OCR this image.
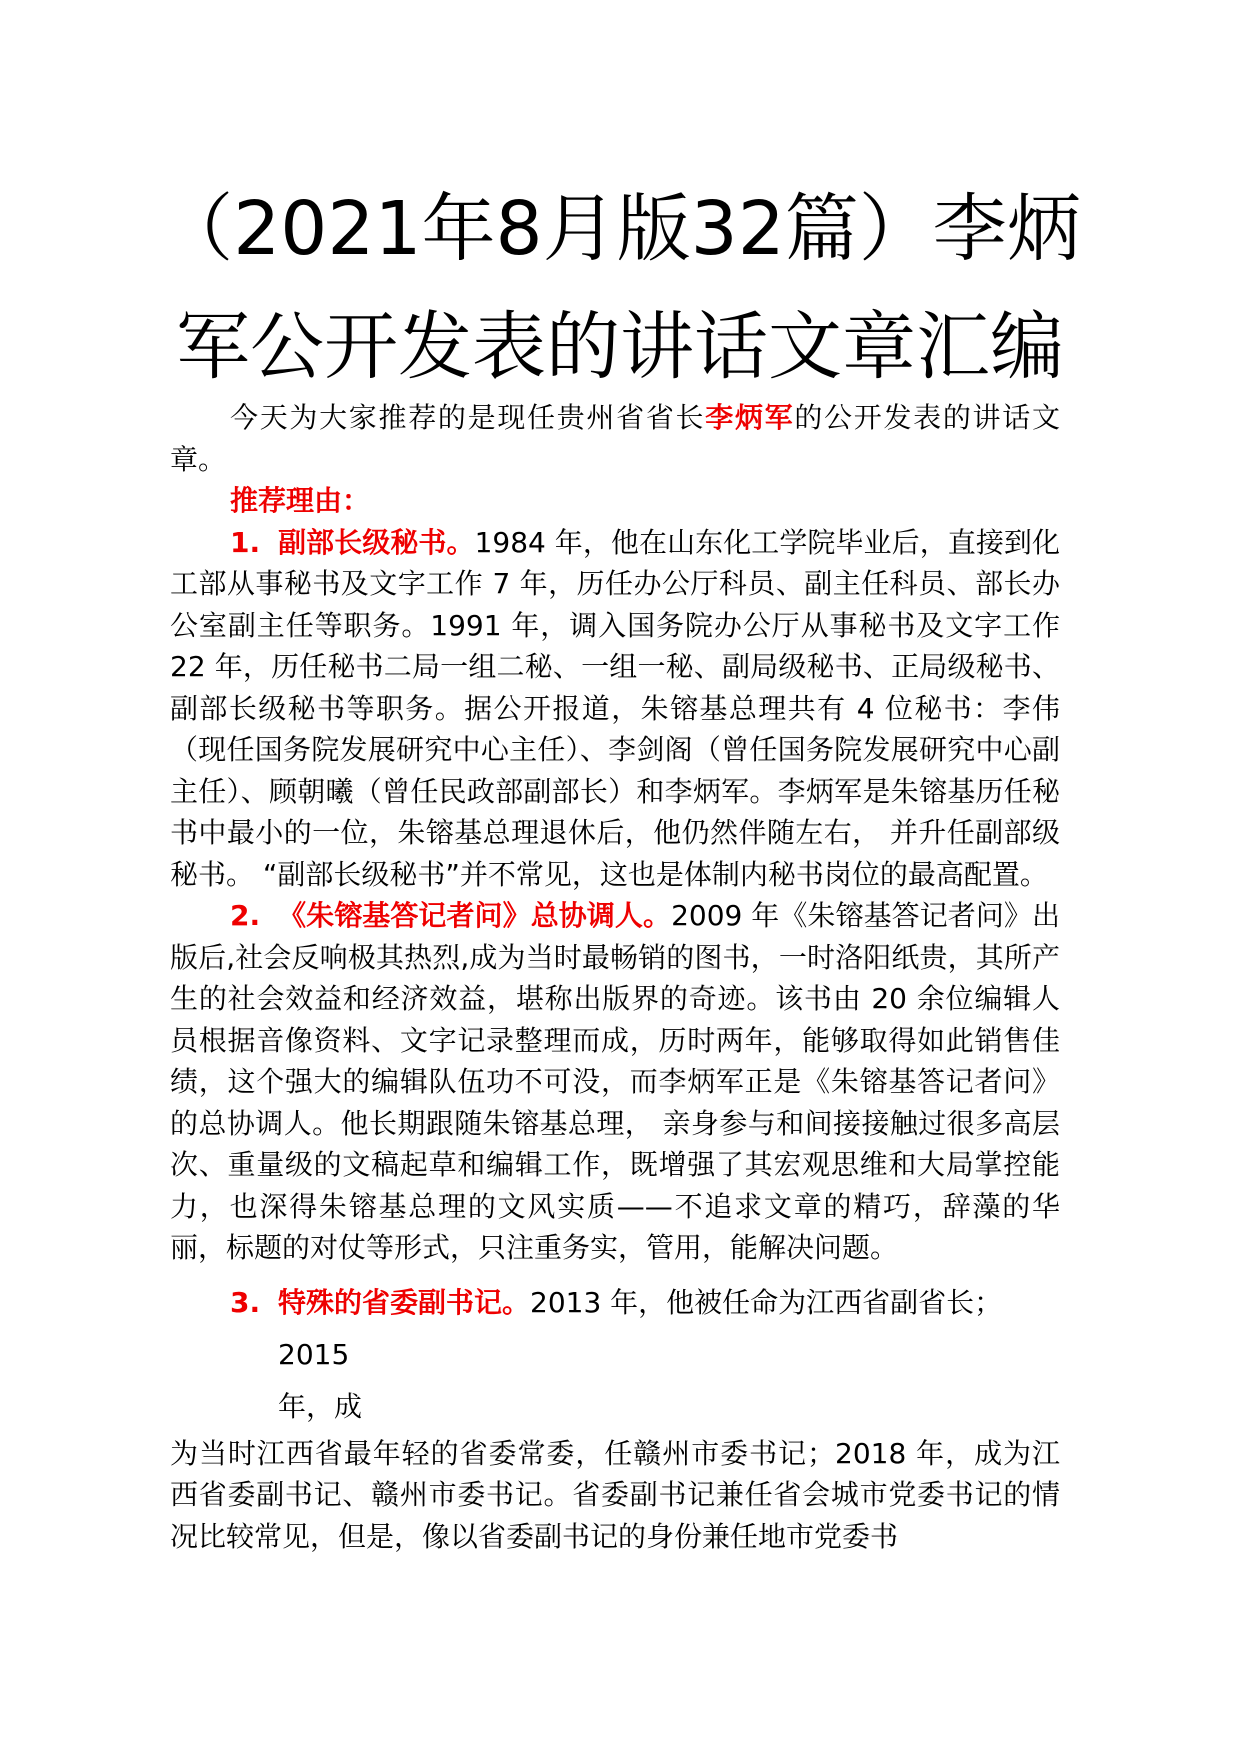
（2021年8月版32篇）李炳军公开发表的讲话文章汇编

今天为大家推荐的是现任贵州省省长李炳军的公开发表的讲话文章。

推荐理由：

1. 副部长级秘书。1984 年，他在山东化工学院毕业后，直接到化工部从事秘书及文字工作 7 年，历任办公厅科员、副主任科员、部长办公室副主任等职务。1991 年，调入国务院办公厅从事秘书及文字工作 22 年，历任秘书二局一组二秘、一组一秘、副局级秘书、正局级秘书、副部长级秘书等职务。据公开报道，朱镕基总理共有 4 位秘书：李伟（现任国务院发展研究中心主任）、李剑阁（曾任国务院发展研究中心副主任）、顾朝曦（曾任民政部副部长）和李炳军。李炳军是朱镕基历任秘书中最小的一位，朱镕基总理退休后，他仍然伴随左右， 并升任副部级秘书。 “副部长级秘书”并不常见，这也是体制内秘书岗位的最高配置。

2. 《朱镕基答记者问》总协调人。2009 年《朱镕基答记者问》出版后,社会反响极其热烈,成为当时最畅销的图书，一时洛阳纸贵，其所产生的社会效益和经济效益，堪称出版界的奇迹。该书由 20 余位编辑人员根据音像资料、文字记录整理而成，历时两年，能够取得如此销售佳绩，这个强大的编辑队伍功不可没，而李炳军正是《朱镕基答记者问》的总协调人。他长期跟随朱镕基总理， 亲身参与和间接接触过很多高层次、重量级的文稿起草和编辑工作，既增强了其宏观思维和大局掌控能力，也深得朱镕基总理的文风实质——不追求文章的精巧，辞藻的华丽，标题的对仗等形式，只注重务实，管用，能解决问题。

3. 特殊的省委副书记。2013 年，他被任命为江西省副省长；2015
年，成

为当时江西省最年轻的省委常委，任赣州市委书记；2018 年，成为江西省委副书记、赣州市委书记。省委副书记兼任省会城市党委书记的情况比较常见，但是，像以省委副书记的身份兼任地市党委书
